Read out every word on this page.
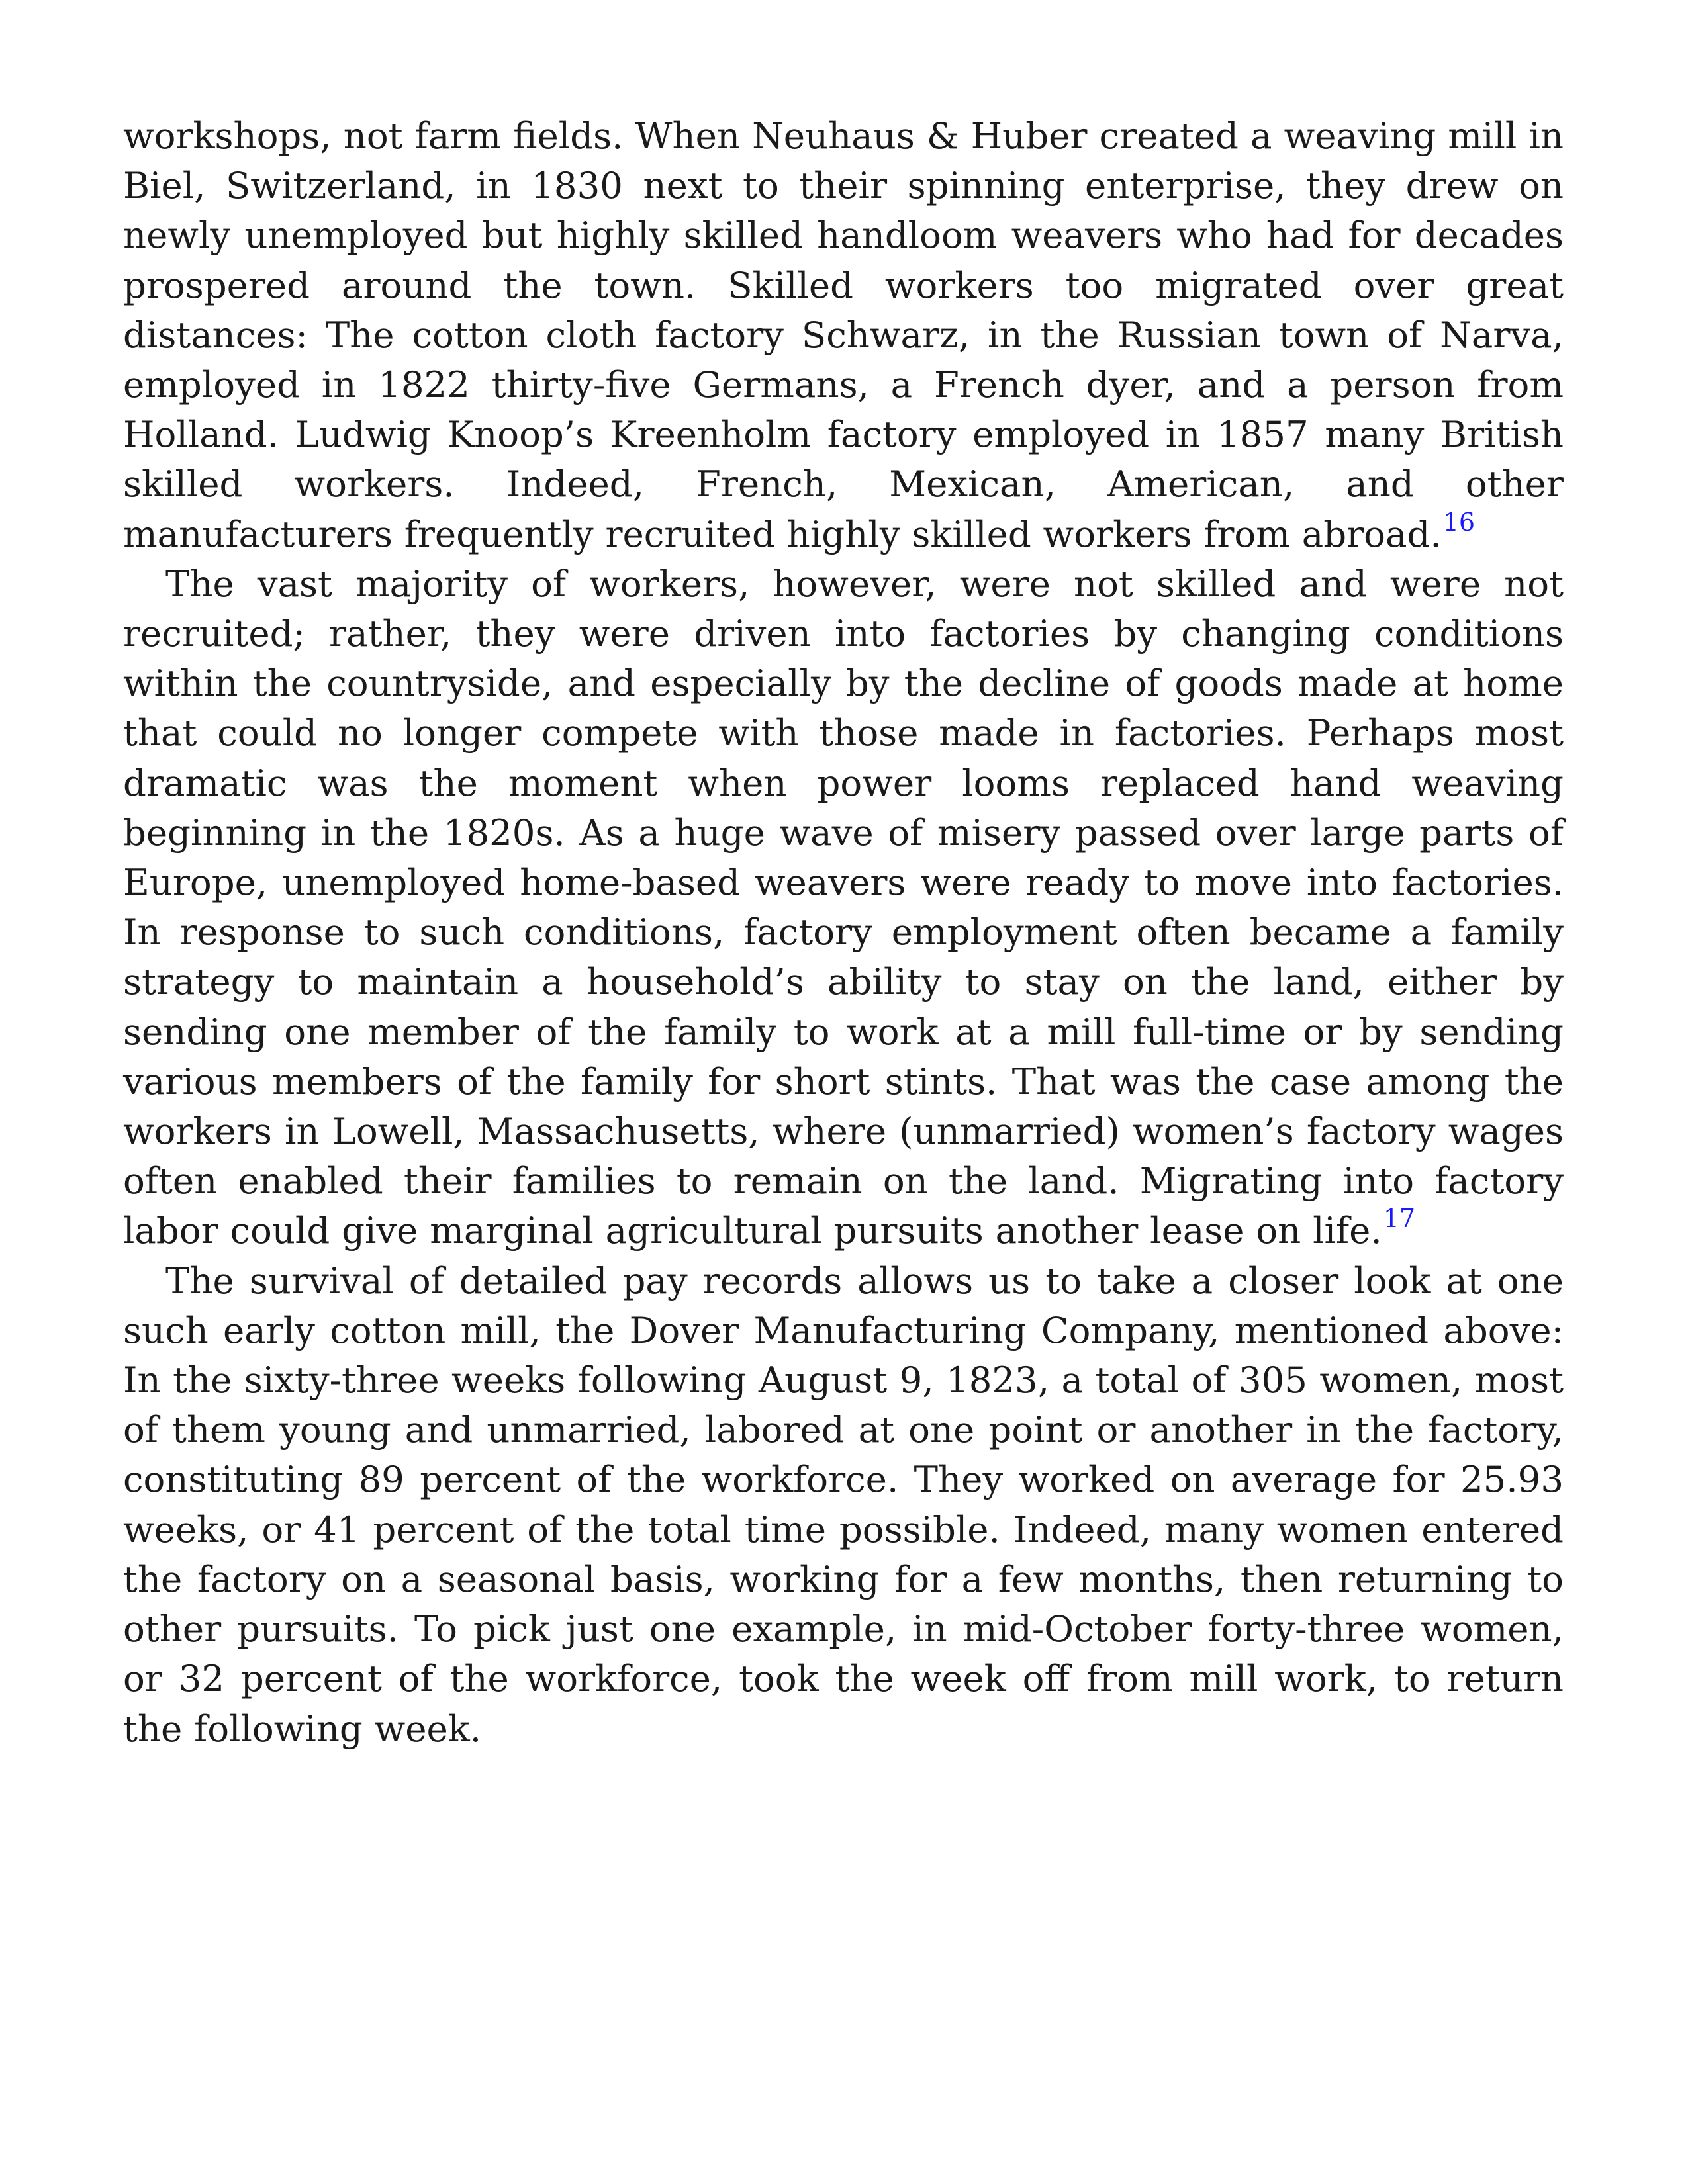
workshops, not farm fields. When Neuhaus & Huber created a weaving mill in Biel, Switzerland, in 1830 next to their spinning enterprise, they drew on newly unemployed but highly skilled handloom weavers who had for decades prospered around the town. Skilled workers too migrated over great distances: The cotton cloth factory Schwarz, in the Russian town of Narva, employed in 1822 thirty-five Germans, a French dyer, and a person from Holland. Ludwig Knoop’s Kreenholm factory employed in 1857 many British skilled workers. Indeed, French, Mexican, American, and other manufacturers frequently recruited highly skilled workers from abroad.$^{16}$

The vast majority of workers, however, were not skilled and were not recruited; rather, they were driven into factories by changing conditions within the countryside, and especially by the decline of goods made at home that could no longer compete with those made in factories. Perhaps most dramatic was the moment when power looms replaced hand weaving beginning in the 1820s. As a huge wave of misery passed over large parts of Europe, unemployed home-based weavers were ready to move into factories. In response to such conditions, factory employment often became a family strategy to maintain a household’s ability to stay on the land, either by sending one member of the family to work at a mill full-time or by sending various members of the family for short stints. That was the case among the workers in Lowell, Massachusetts, where (unmarried) women’s factory wages often enabled their families to remain on the land. Migrating into factory labor could give marginal agricultural pursuits another lease on life.$^{17}$

The survival of detailed pay records allows us to take a closer look at one such early cotton mill, the Dover Manufacturing Company, mentioned above: In the sixty-three weeks following August 9, 1823, a total of 305 women, most of them young and unmarried, labored at one point or another in the factory, constituting 89 percent of the workforce. They worked on average for 25.93 weeks, or 41 percent of the total time possible. Indeed, many women entered the factory on a seasonal basis, working for a few months, then returning to other pursuits. To pick just one example, in mid-October forty-three women, or 32 percent of the workforce, took the week off from mill work, to return the following week.
